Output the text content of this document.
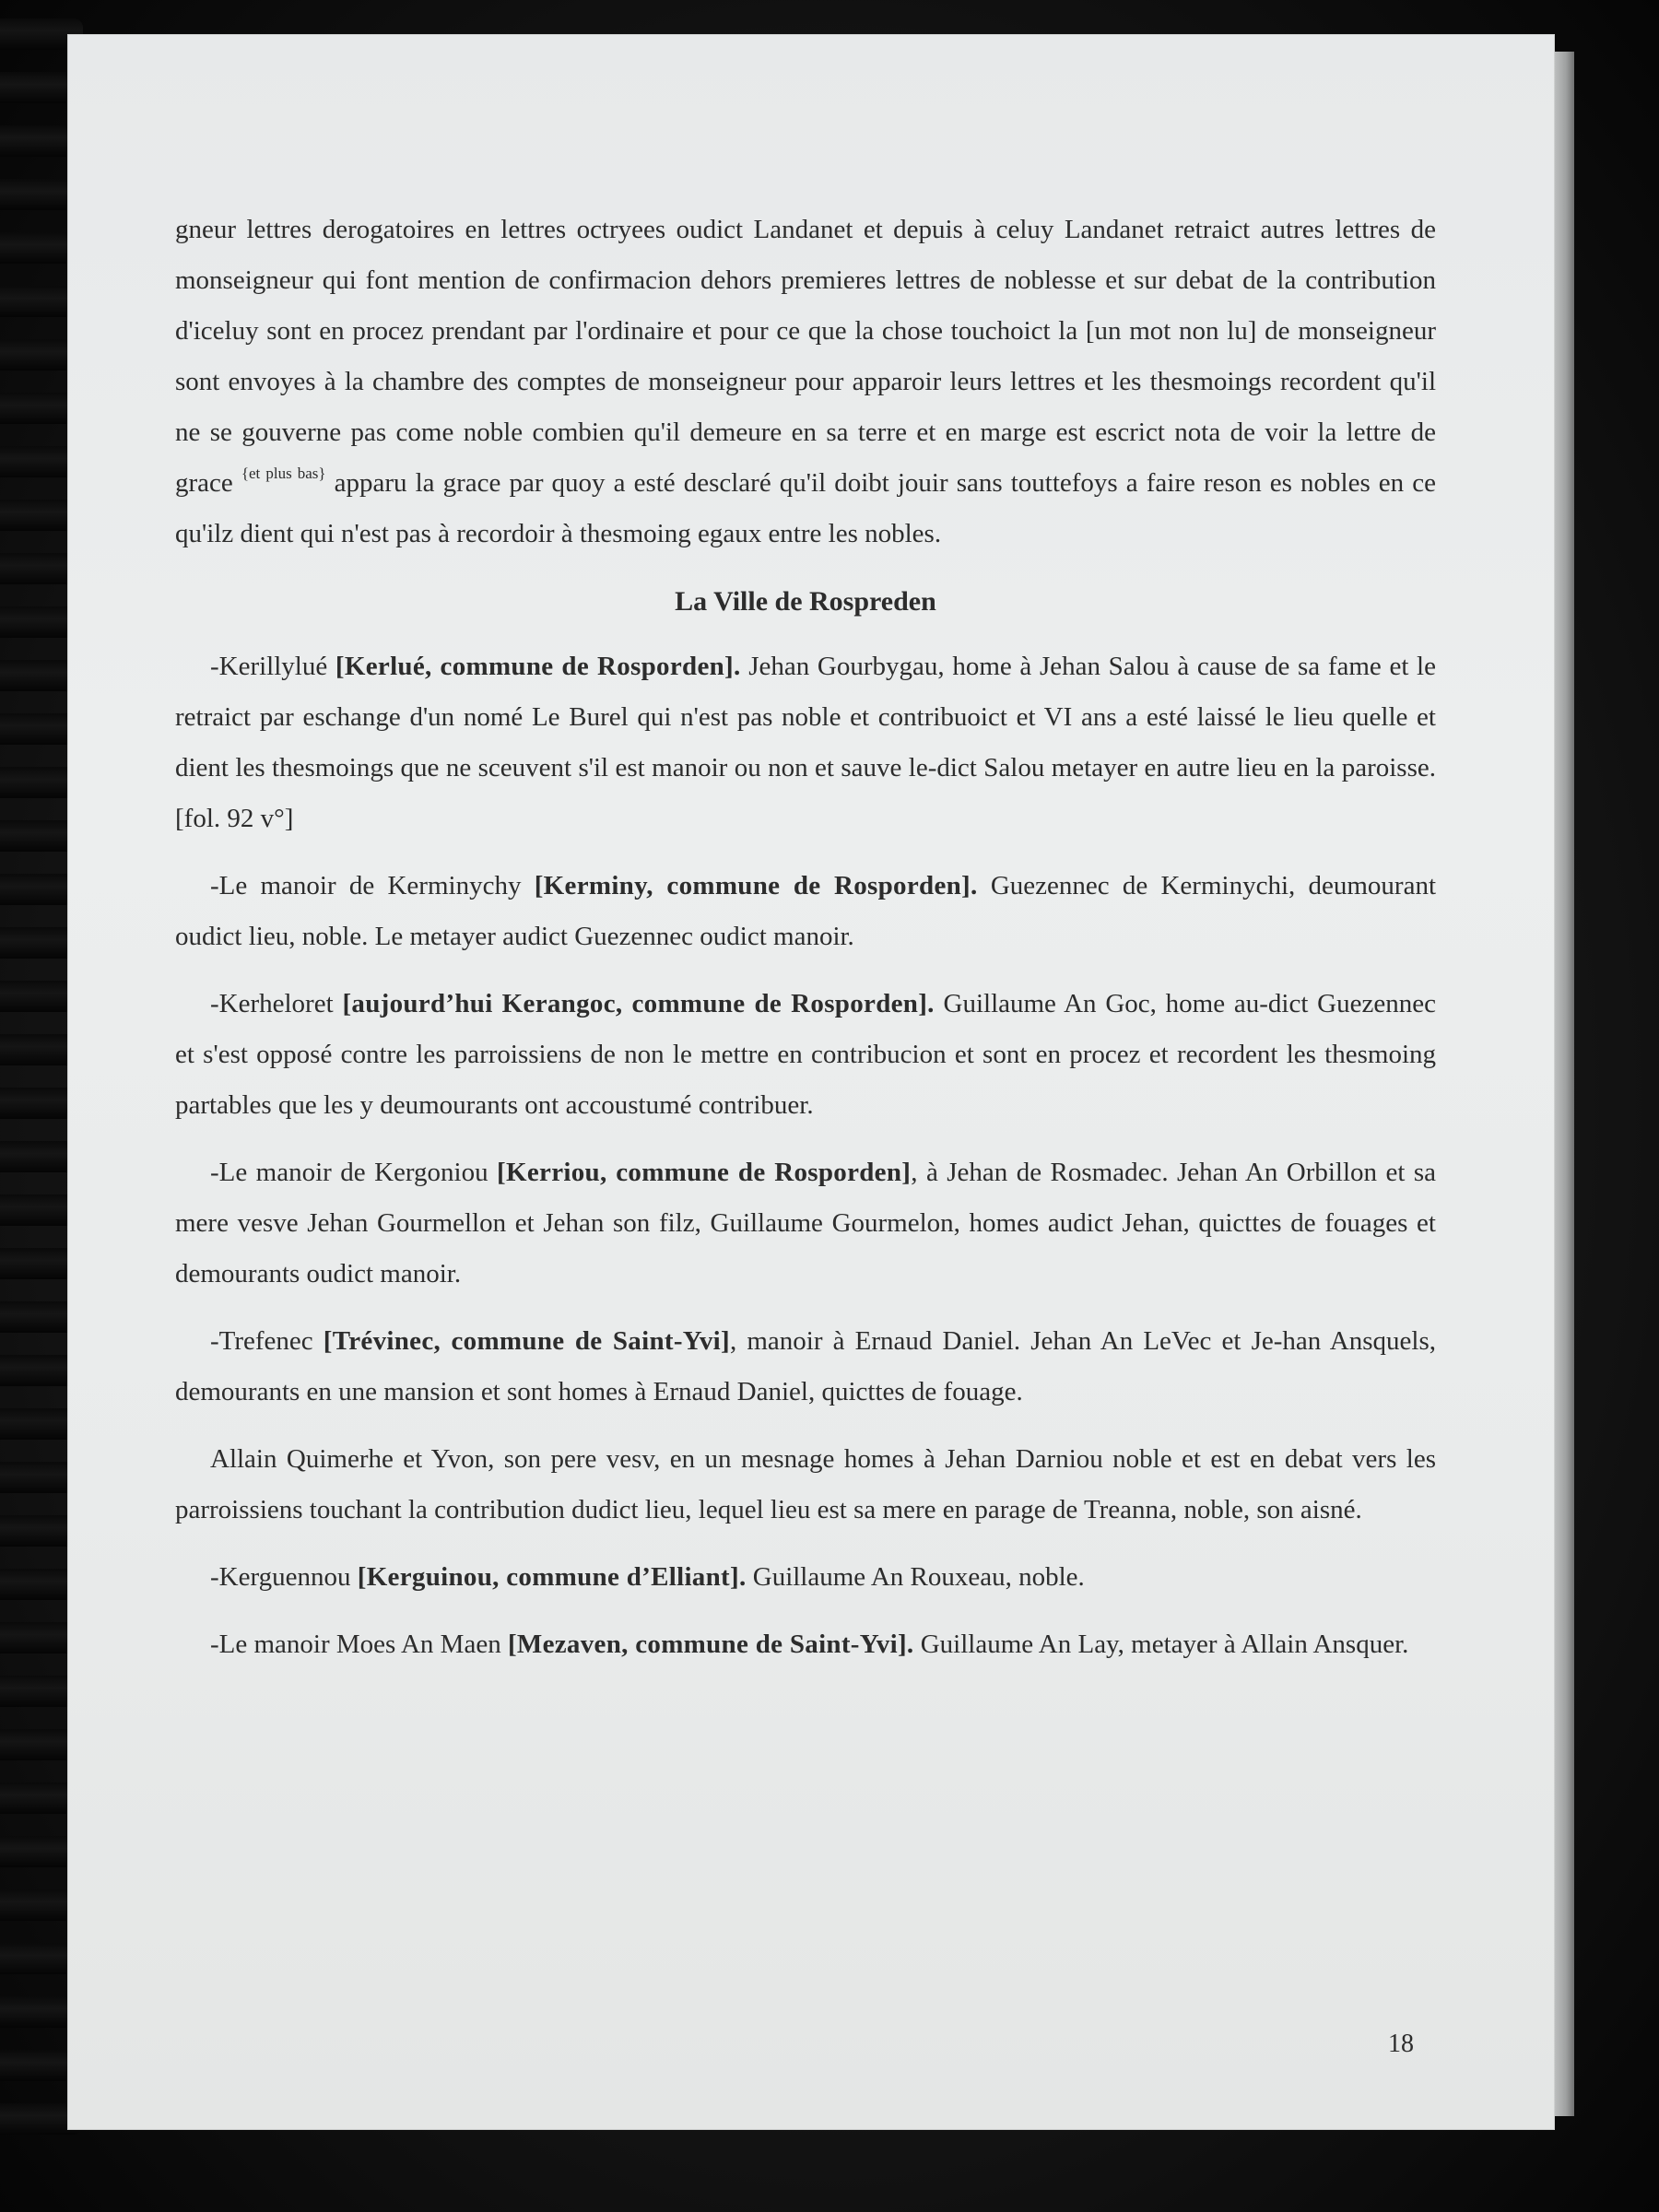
gneur lettres derogatoires en lettres octryees oudict Landanet et depuis à celuy Landanet retraict autres lettres de monseigneur qui font mention de confirmacion dehors premieres lettres de noblesse et sur debat de la contribution d'iceluy sont en procez prendant par l'ordinaire et pour ce que la chose touchoict la [un mot non lu] de monseigneur sont envoyes à la chambre des comptes de monseigneur pour apparoir leurs lettres et les thesmoings recordent qu'il ne se gouverne pas come noble combien qu'il demeure en sa terre et en marge est escrict nota de voir la lettre de grace $^{\{et plus bas\}}$ apparu la grace par quoy a esté desclaré qu'il doibt jouir sans touttefoys a faire reson es nobles en ce qu'ilz dient qui n'est pas à recordoir à thesmoing egaux entre les nobles.

La Ville de Rospreden

-Kerillylué [Kerlué, commune de Rosporden]. Jehan Gourbygau, home à Jehan Salou à cause de sa fame et le retraict par eschange d'un nomé Le Burel qui n'est pas noble et contribuoict et VI ans a esté laissé le lieu quelle et dient les thesmoings que ne sceuvent s'il est manoir ou non et sauve le-dict Salou metayer en autre lieu en la paroisse. [fol. 92 v°]

-Le manoir de Kerminychy [Kerminy, commune de Rosporden]. Guezennec de Kerminychi, deumourant oudict lieu, noble. Le metayer audict Guezennec oudict manoir.

-Kerheloret [aujourd’hui Kerangoc, commune de Rosporden]. Guillaume An Goc, home au-dict Guezennec et s'est opposé contre les parroissiens de non le mettre en contribucion et sont en procez et recordent les thesmoing partables que les y deumourants ont accoustumé contribuer.

-Le manoir de Kergoniou [Kerriou, commune de Rosporden], à Jehan de Rosmadec. Jehan An Orbillon et sa mere vesve Jehan Gourmellon et Jehan son filz, Guillaume Gourmelon, homes audict Jehan, quicttes de fouages et demourants oudict manoir.

-Trefenec [Trévinec, commune de Saint-Yvi], manoir à Ernaud Daniel. Jehan An LeVec et Je-han Ansquels, demourants en une mansion et sont homes à Ernaud Daniel, quicttes de fouage.

Allain Quimerhe et Yvon, son pere vesv, en un mesnage homes à Jehan Darniou noble et est en debat vers les parroissiens touchant la contribution dudict lieu, lequel lieu est sa mere en parage de Treanna, noble, son aisné.

-Kerguennou [Kerguinou, commune d’Elliant]. Guillaume An Rouxeau, noble.

-Le manoir Moes An Maen [Mezaven, commune de Saint-Yvi]. Guillaume An Lay, metayer à Allain Ansquer.

18
